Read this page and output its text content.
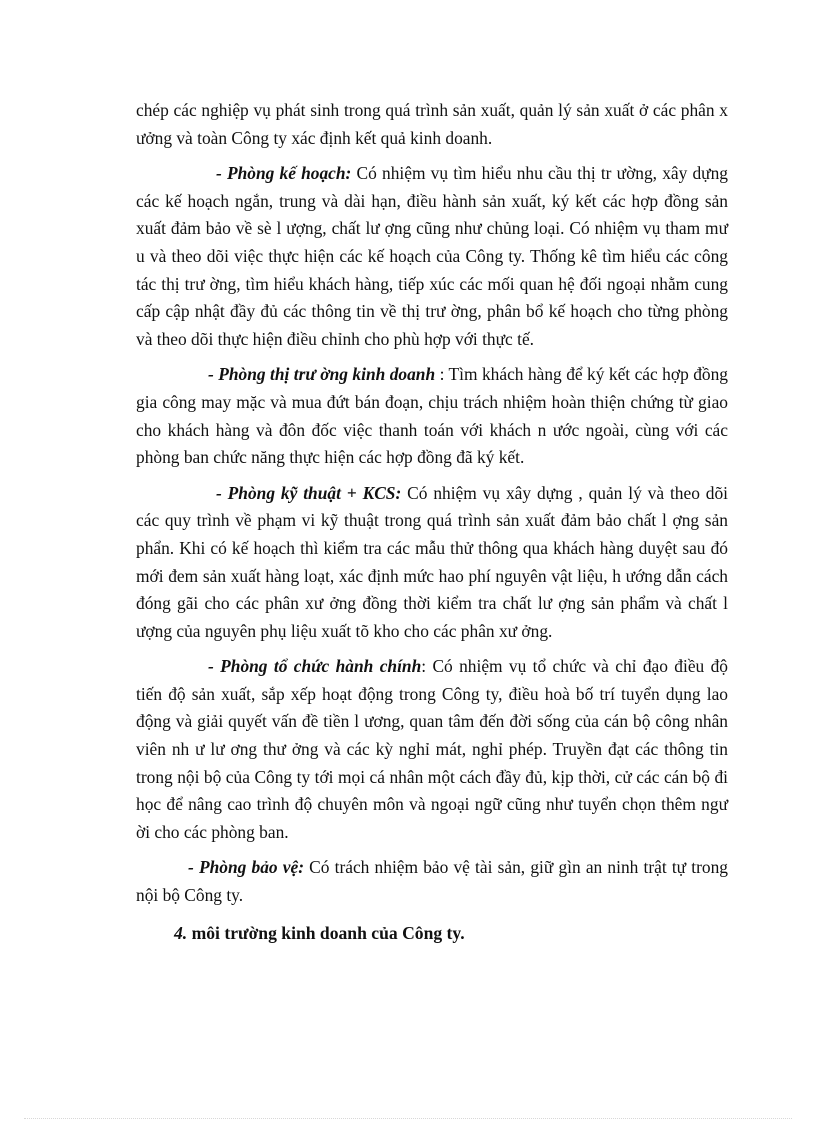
chép các nghiệp vụ phát sinh trong quá trình sản xuất, quản lý sản xuất ở các phân x ưởng và toàn Công ty xác định kết quả kinh doanh.

- Phòng kế hoạch: Có nhiệm vụ tìm hiểu nhu cầu thị tr ường, xây dựng các kế hoạch ngắn, trung và dài hạn, điều hành sản xuất, ký kết các hợp đồng sản xuất đảm bảo về sè l ượng, chất lư ợng cũng như chủng loại. Có nhiệm vụ tham mư u và theo dõi việc thực hiện các kế hoạch của Công ty. Thống kê tìm hiểu các công tác thị trư ờng, tìm hiểu khách hàng, tiếp xúc các mối quan hệ đối ngoại nhằm cung cấp cập nhật đầy đủ các thông tin về thị trư ờng, phân bổ kế hoạch cho từng phòng và theo dõi thực hiện điều chỉnh cho phù hợp với thực tế.

- Phòng thị trư ờng kinh doanh : Tìm khách hàng để ký kết các hợp đồng gia công may mặc và mua đứt bán đoạn, chịu trách nhiệm hoàn thiện chứng từ giao cho khách hàng và đôn đốc việc thanh toán với khách n ước ngoài, cùng với các phòng ban chức năng thực hiện các hợp đồng đã ký kết.

- Phòng kỹ thuật + KCS: Có nhiệm vụ xây dựng , quản lý và theo dõi các quy trình về phạm vi kỹ thuật trong quá trình sản xuất đảm bảo chất l ợng sản phẩn. Khi có kế hoạch thì kiểm tra các mẫu thử thông qua khách hàng duyệt sau đó mới đem sản xuất hàng loạt, xác định mức hao phí nguyên vật liệu, h ướng dẫn cách đóng gãi cho các phân xư ởng đồng thời kiểm tra chất lư ợng sản phẩm và chất l ượng của nguyên phụ liệu xuất tõ kho cho các phân xư ởng.

- Phòng tổ chức hành chính: Có nhiệm vụ tổ chức và chỉ đạo điều độ tiến độ sản xuất, sắp xếp hoạt động trong Công ty, điều hoà bố trí tuyển dụng lao động và giải quyết vấn đề tiền l ương, quan tâm đến đời sống của cán bộ công nhân viên nh ư lư ơng thư ởng và các kỳ nghỉ mát, nghỉ phép. Truyền đạt các thông tin trong nội bộ của Công ty tới mọi cá nhân một cách đầy đủ, kịp thời, cử các cán bộ đi học để nâng cao trình độ chuyên môn và ngoại ngữ cũng như tuyển chọn thêm ngư ời cho các phòng ban.

- Phòng bảo vệ: Có trách nhiệm bảo vệ tài sản, giữ gìn an ninh trật tự trong nội bộ Công ty.

4. môi trường kinh doanh của Công ty.
